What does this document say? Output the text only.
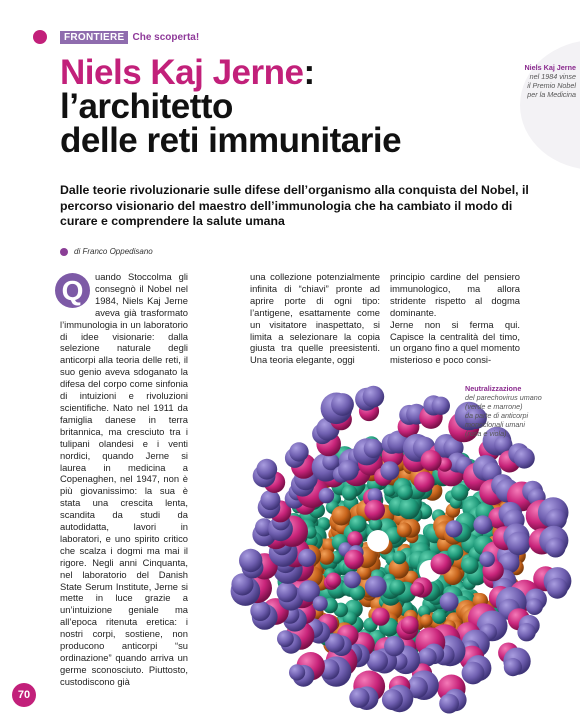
FRONTIERE Che scoperta!
Niels Kaj Jerne
nel 1984 vinse
il Premio Nobel
per la Medicina
Niels Kaj Jerne:
l’architetto
delle reti immunitarie

Dalle teorie rivoluzionarie sulle difese dell’organismo alla conquista del Nobel, il percorso visionario del maestro dell’immunologia che ha cambiato il modo di curare e comprendere la salute umana

di Franco Oppedisano
Q	uando Stoccolma gli consegnò il Nobel nel 1984, Niels Kaj Jerne aveva già trasformato l’immunologia in un laboratorio di idee visionarie: dalla selezione naturale degli anticorpi alla teoria delle reti, il suo genio aveva sdoganato la difesa del corpo come sinfonia di intuizioni e rivoluzioni scientifiche. Nato nel 1911 da famiglia danese in terra britannica, ma cresciuto tra i tulipani olandesi e i venti nordici, quando Jerne si laurea in medicina a Copenaghen, nel 1947, non è più giovanissimo: la sua è stata una crescita lenta, scandita da studi da autodidatta, lavori in laboratori, e uno spirito critico che scalza i dogmi ma mai il rigore. Negli anni Cinquanta, nel laboratorio del Danish State Serum Institute, Jerne si mette in luce grazie a un’intuizione geniale ma all’epoca ritenuta eretica: i nostri corpi, sostiene, non producono anticorpi “su ordinazione” quando arriva un germe sconosciuto. Piuttosto, custodiscono già
una collezione potenzialmente infinita di “chiavi” pronte ad aprire porte di ogni tipo: l’antigene, esattamente come un visitatore inaspettato, si limita a selezionare la copia giusta tra quelle preesistenti. Una teoria elegante, oggi
principio cardine del pensiero immunologico, ma allora stridente rispetto al dogma dominante.
Jerne non si ferma qui. Capisce la centralità del timo, un organo fino a quel momento misterioso e poco consi-
Neutralizzazione
del parechovirus umano
(verde e marrone)
da parte di anticorpi
monoclonali umani
(rosa e viola)
70
